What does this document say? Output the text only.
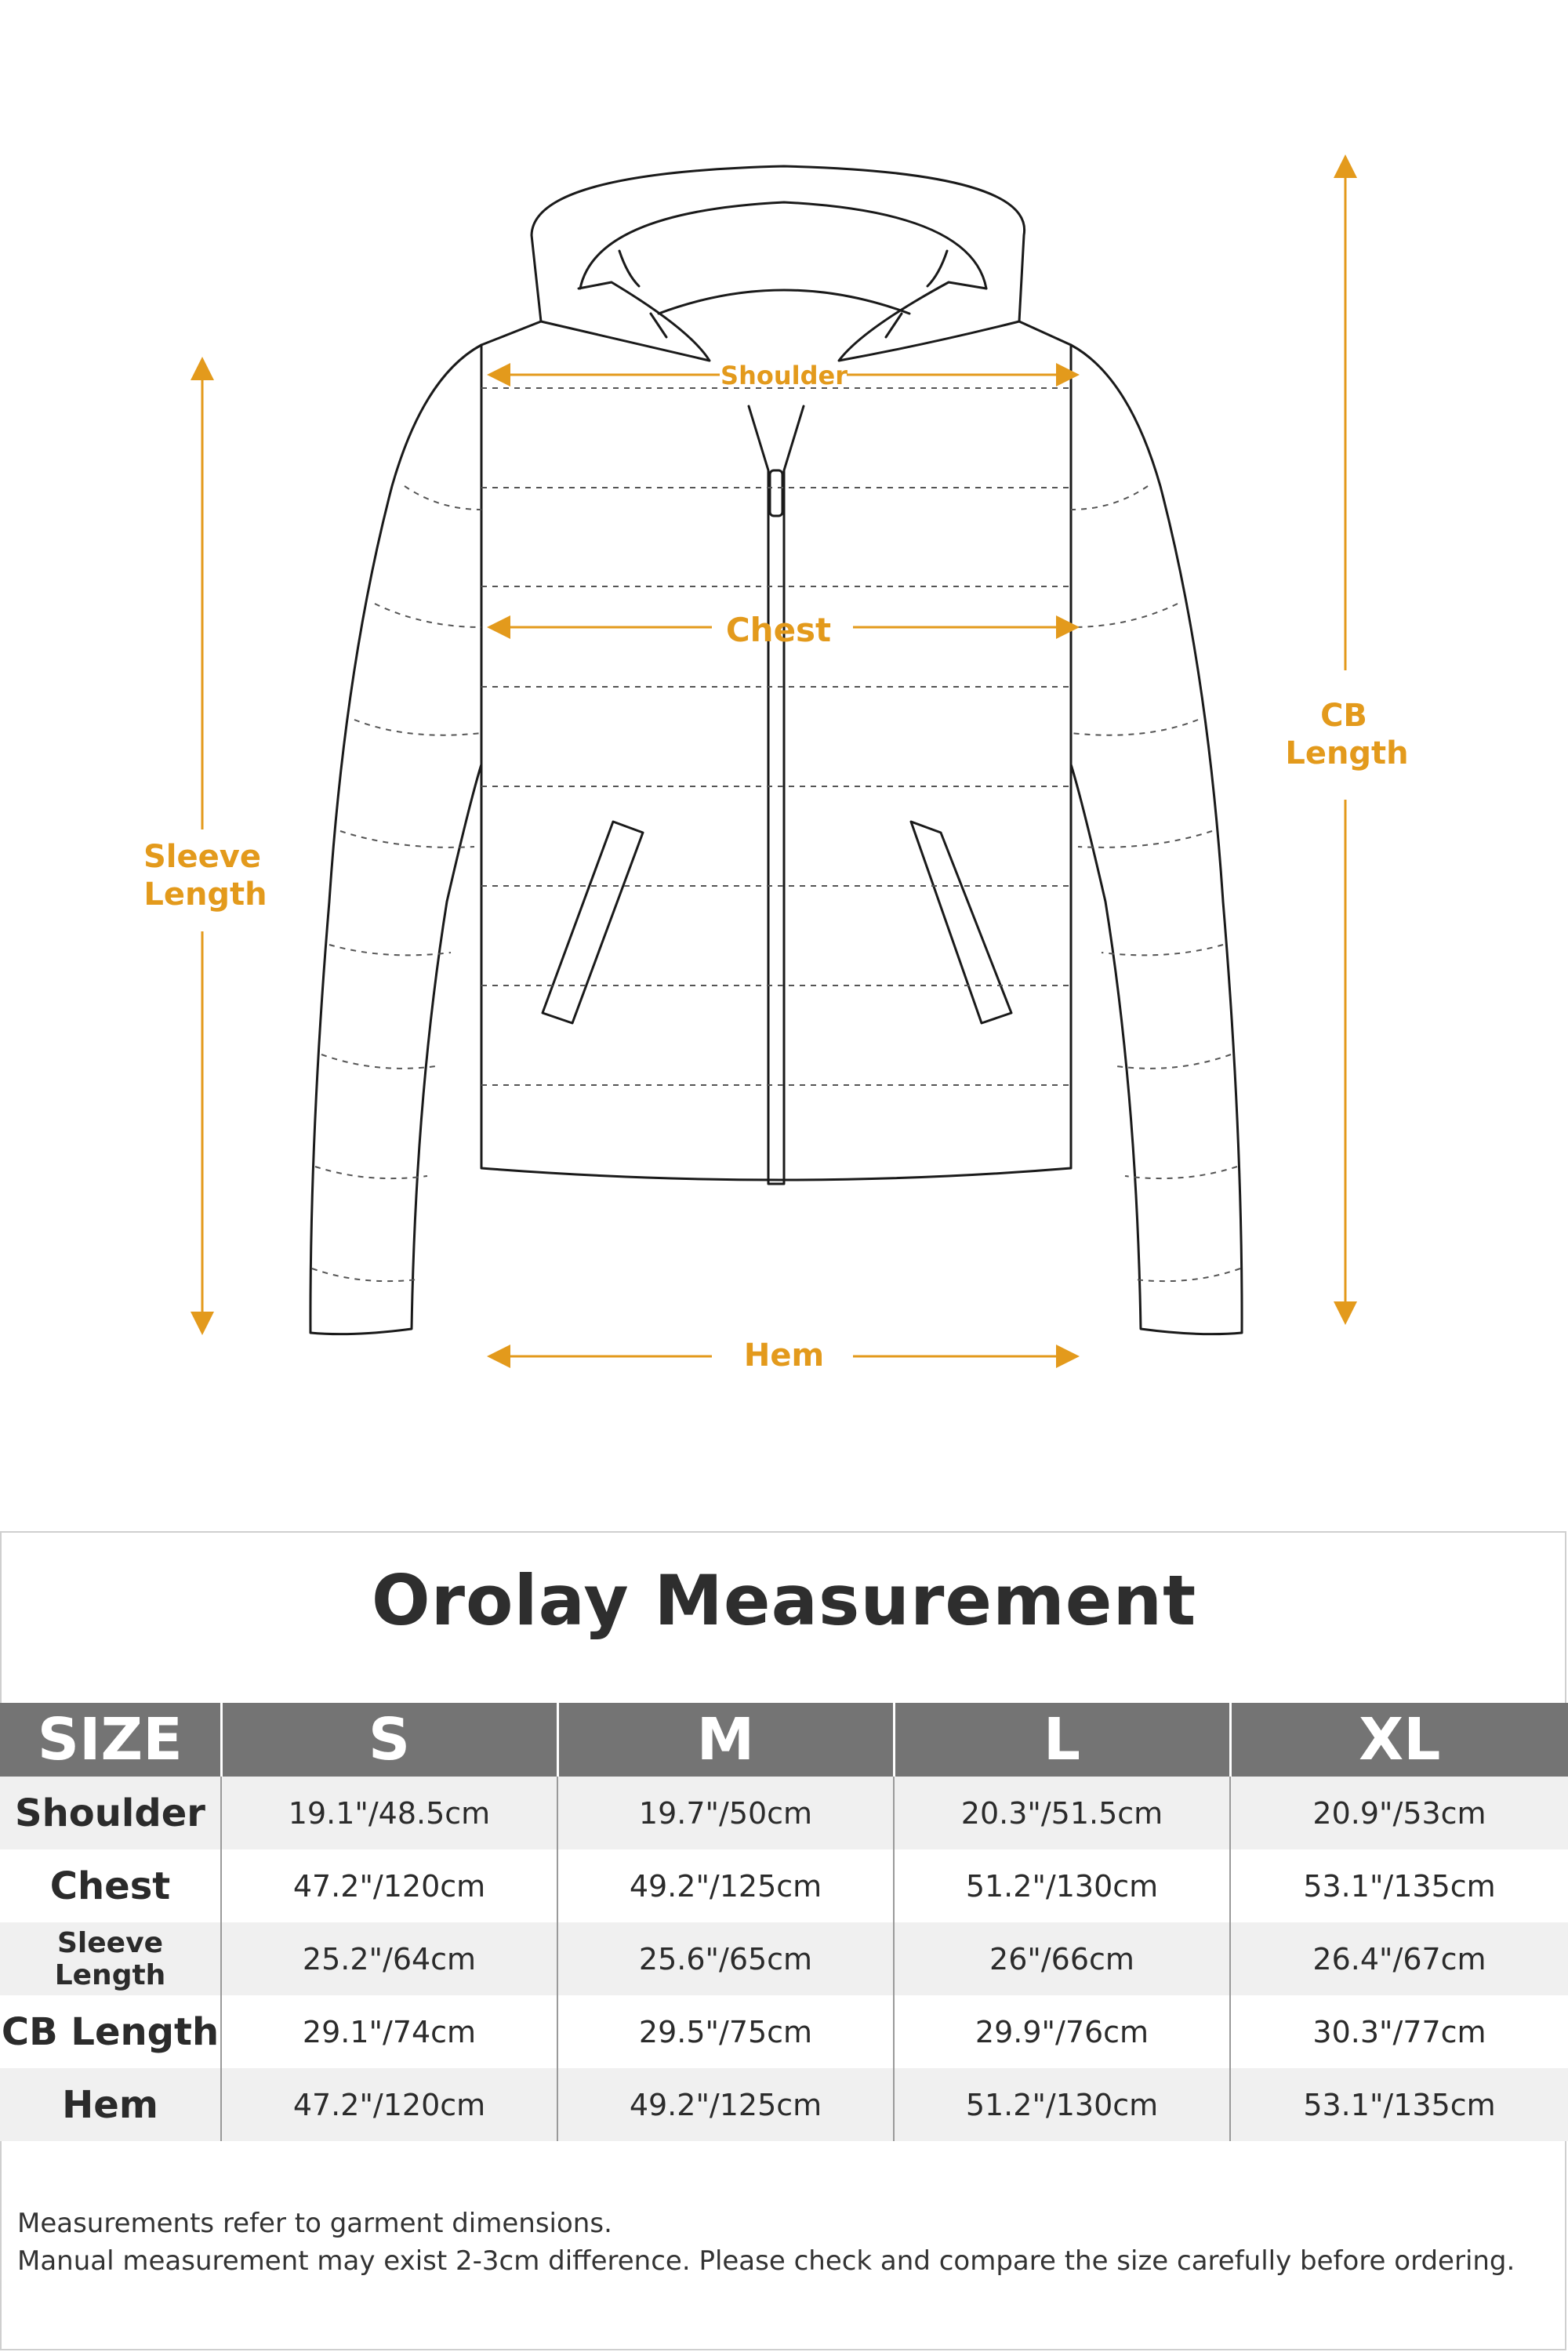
Shoulder
Chest
Hem
Sleeve
Length
CB
Length
Orolay Measurement
SIZE	S	M	L	XL
Shoulder	19.1"/48.5cm	19.7"/50cm	20.3"/51.5cm	20.9"/53cm
Chest	47.2"/120cm	49.2"/125cm	51.2"/130cm	53.1"/135cm
Sleeve Length	25.2"/64cm	25.6"/65cm	26"/66cm	26.4"/67cm
CB Length	29.1"/74cm	29.5"/75cm	29.9"/76cm	30.3"/77cm
Hem	47.2"/120cm	49.2"/125cm	51.2"/130cm	53.1"/135cm
Measurements refer to garment dimensions.
Manual measurement may exist 2-3cm difference. Please check and compare the size carefully before ordering.
